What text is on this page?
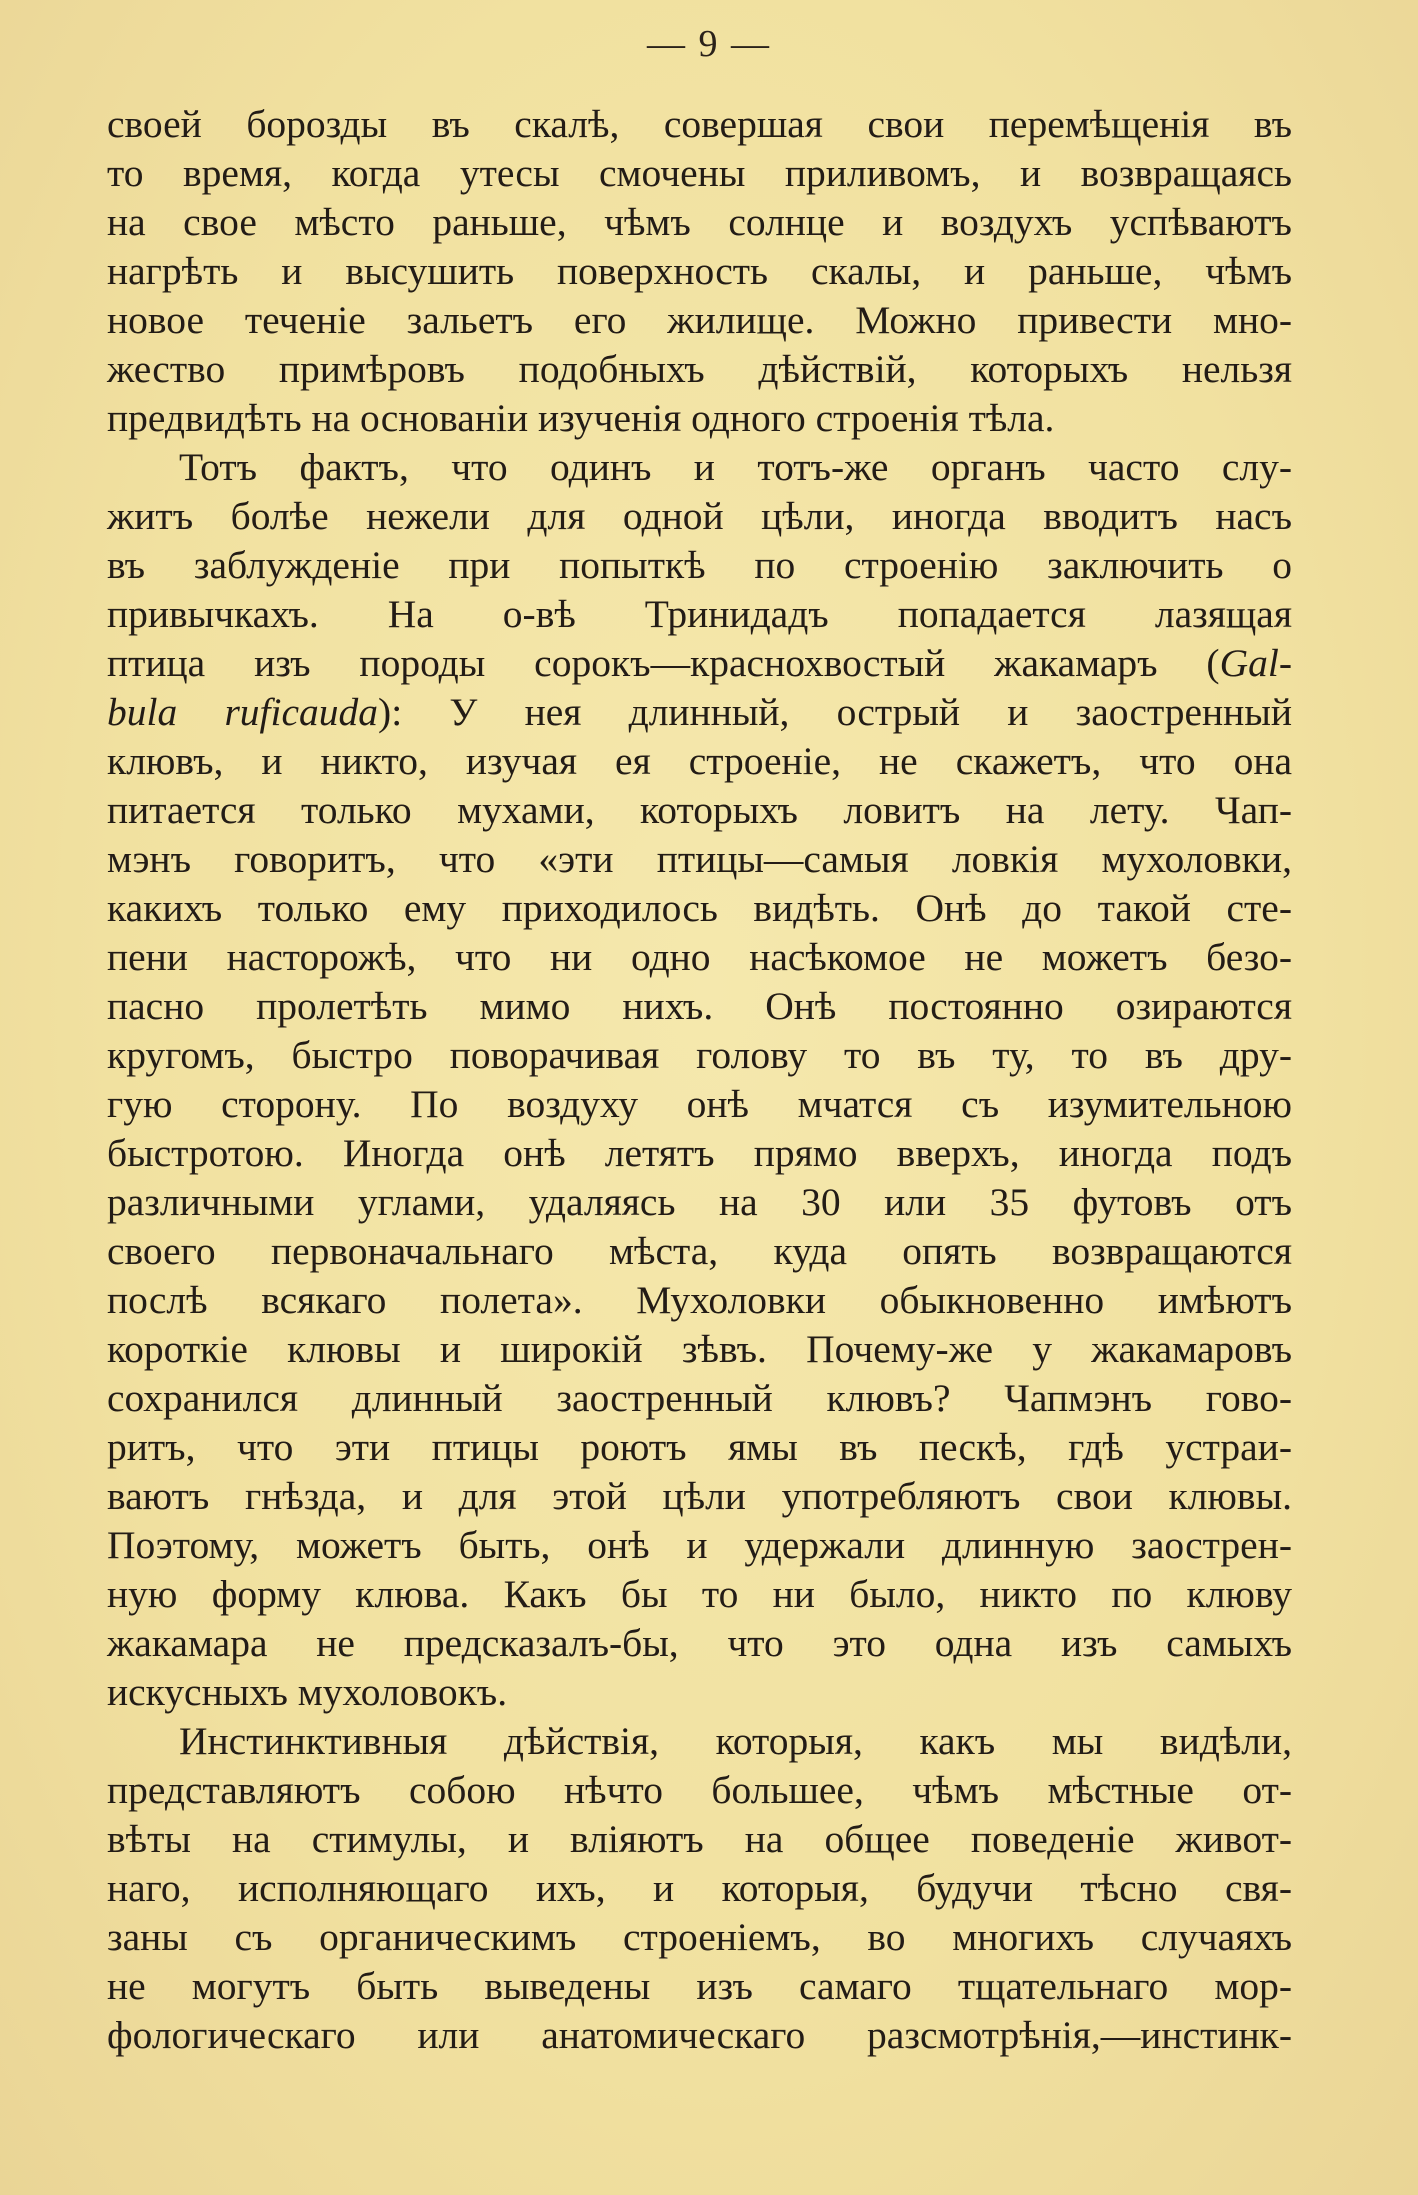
— 9 —
своей борозды въ скалѣ, совершая свои перемѣщенія въ
то время, когда утесы смочены приливомъ, и возвращаясь
на свое мѣсто раньше, чѣмъ солнце и воздухъ успѣваютъ
нагрѣть и высушить поверхность скалы, и раньше, чѣмъ
новое теченіе зальетъ его жилище. Можно привести мно-
жество примѣровъ подобныхъ дѣйствій, которыхъ нельзя
предвидѣть на основаніи изученія одного строенія тѣла.
Тотъ фактъ, что одинъ и тотъ-же органъ часто слу-
житъ болѣе нежели для одной цѣли, иногда вводитъ насъ
въ заблужденіе при попыткѣ по строенію заключить о
привычкахъ. На о-вѣ Тринидадъ попадается лазящая
птица изъ породы сорокъ—краснохвостый жакамаръ (Gal-
bula ruficauda): У нея длинный, острый и заостренный
клювъ, и никто, изучая ея строеніе, не скажетъ, что она
питается только мухами, которыхъ ловитъ на лету. Чап-
мэнъ говоритъ, что «эти птицы—самыя ловкія мухоловки,
какихъ только ему приходилось видѣть. Онѣ до такой сте-
пени насторожѣ, что ни одно насѣкомое не можетъ безо-
пасно пролетѣть мимо нихъ. Онѣ постоянно озираются
кругомъ, быстро поворачивая голову то въ ту, то въ дру-
гую сторону. По воздуху онѣ мчатся съ изумительною
быстротою. Иногда онѣ летятъ прямо вверхъ, иногда подъ
различными углами, удаляясь на 30 или 35 футовъ отъ
своего первоначальнаго мѣста, куда опять возвращаются
послѣ всякаго полета». Мухоловки обыкновенно имѣютъ
короткіе клювы и широкій зѣвъ. Почему-же у жакамаровъ
сохранился длинный заостренный клювъ? Чапмэнъ гово-
ритъ, что эти птицы роютъ ямы въ пескѣ, гдѣ устраи-
ваютъ гнѣзда, и для этой цѣли употребляютъ свои клювы.
Поэтому, можетъ быть, онѣ и удержали длинную заострен-
ную форму клюва. Какъ бы то ни было, никто по клюву
жакамара не предсказалъ-бы, что это одна изъ самыхъ
искусныхъ мухоловокъ.
Инстинктивныя дѣйствія, которыя, какъ мы видѣли,
представляютъ собою нѣчто большее, чѣмъ мѣстные от-
вѣты на стимулы, и вліяютъ на общее поведеніе живот-
наго, исполняющаго ихъ, и которыя, будучи тѣсно свя-
заны съ органическимъ строеніемъ, во многихъ случаяхъ
не могутъ быть выведены изъ самаго тщательнаго мор-
фологическаго или анатомическаго разсмотрѣнія,—инстинк-
